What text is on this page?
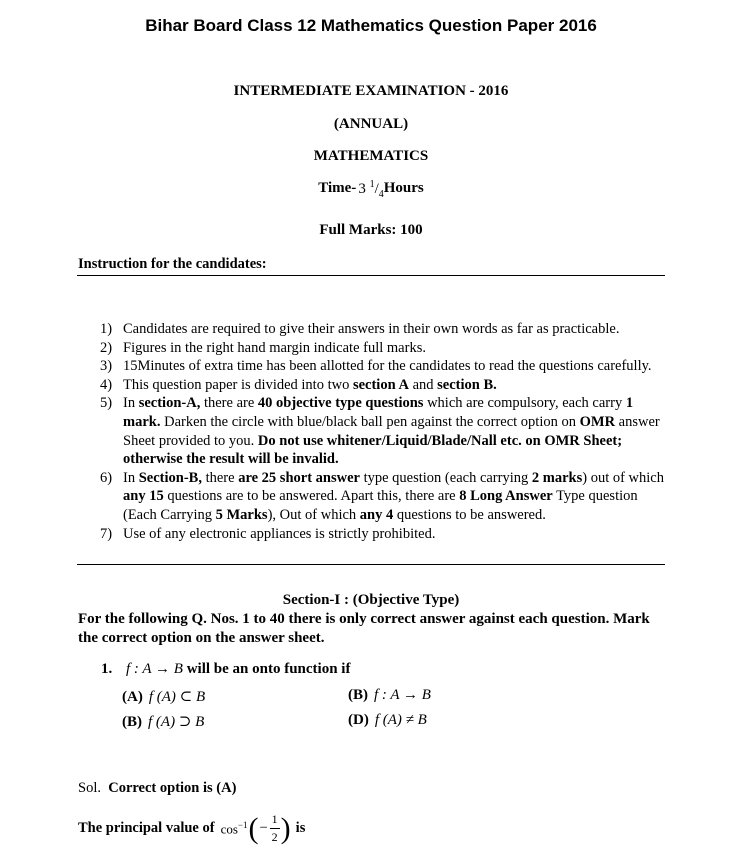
Bihar Board Class 12 Mathematics Question Paper 2016
INTERMEDIATE EXAMINATION - 2016
(ANNUAL)
MATHEMATICS
Time- 3 $^1/_4$ Hours
Full Marks: 100
Instruction for the candidates:
1) Candidates are required to give their answers in their own words as far as practicable.
2) Figures in the right hand margin indicate full marks.
3) 15Minutes of extra time has been allotted for the candidates to read the questions carefully.
4) This question paper is divided into two section A and section B.
5) In section-A, there are 40 objective type questions which are compulsory, each carry 1 mark. Darken the circle with blue/black ball pen against the correct option on OMR answer Sheet provided to you. Do not use whitener/Liquid/Blade/Nall etc. on OMR Sheet; otherwise the result will be invalid.
6) In Section-B, there are 25 short answer type question (each carrying 2 marks) out of which any 15 questions are to be answered. Apart this, there are 8 Long Answer Type question (Each Carrying 5 Marks), Out of which any 4 questions to be answered.
7) Use of any electronic appliances is strictly prohibited.
Section-I : (Objective Type)
For the following Q. Nos. 1 to 40 there is only correct answer against each question. Mark the correct option on the answer sheet.
1. f : A → B will be an onto function if
(A) f (A) ⊂ B	(B) f : A → B
(B) f (A) ⊃ B	(D) f (A) ≠ B
Sol. Correct option is (A)
The principal value of $\cos^{-1}$ ( −
1
2 ) is
